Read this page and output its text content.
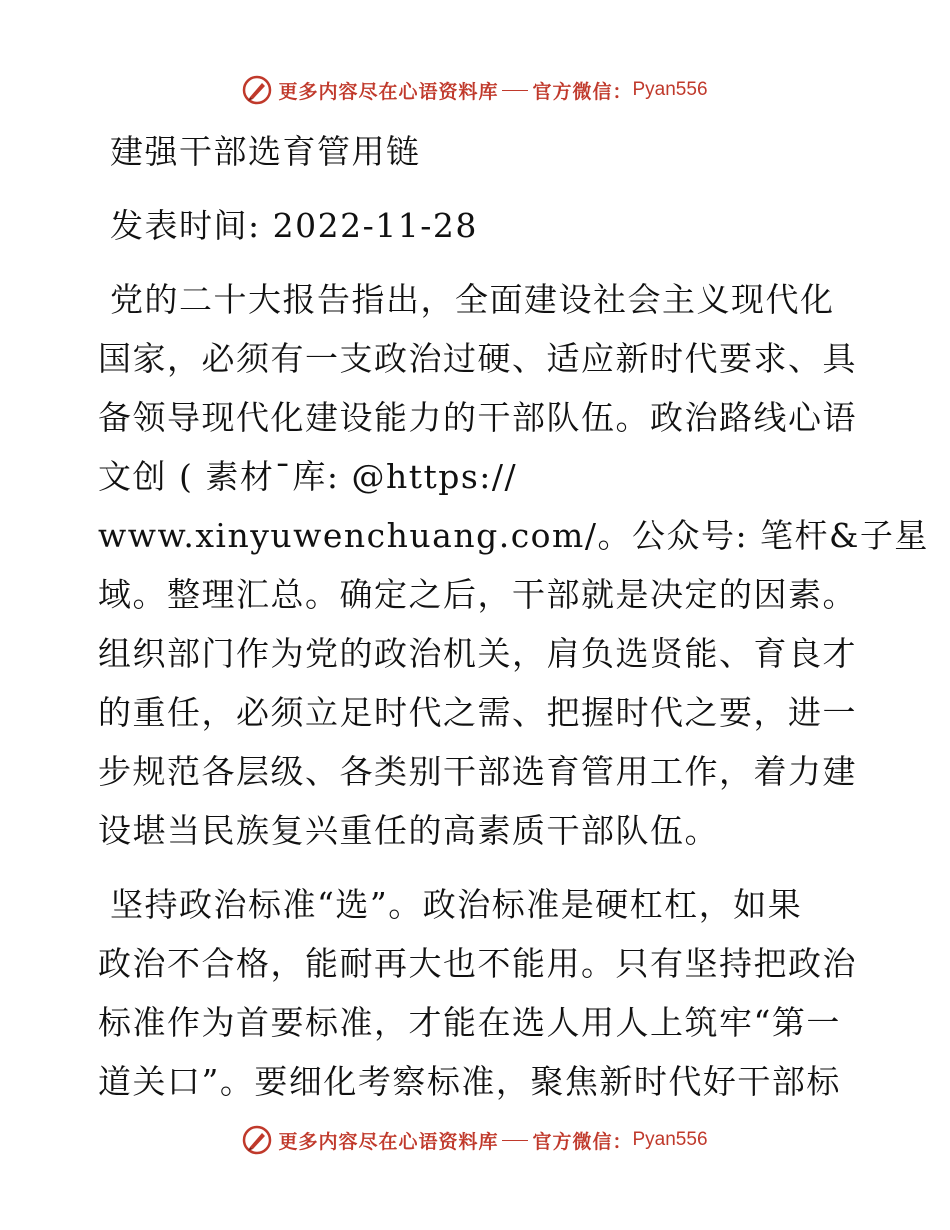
更多内容尽在心语资料库 官方微信： Pyan556
建强干部选育管用链
发表时间: 2022-11-28
党的二十大报告指出，全面建设社会主义现代化
国家，必须有一支政治过硬、适应新时代要求、具
备领导现代化建设能力的干部队伍。政治路线心语
文创 ( 素材¯库: @https://
www.xinyuwenchuang.com/。公众号: 笔杆&子星
域。整理汇总。确定之后，干部就是决定的因素。
组织部门作为党的政治机关，肩负选贤能、育良才
的重任，必须立足时代之需、把握时代之要，进一
步规范各层级、各类别干部选育管用工作，着力建
设堪当民族复兴重任的高素质干部队伍。
坚持政治标准“选”。政治标准是硬杠杠，如果
政治不合格，能耐再大也不能用。只有坚持把政治
标准作为首要标准，才能在选人用人上筑牢“第一
道关口”。要细化考察标准，聚焦新时代好干部标
更多内容尽在心语资料库 官方微信： Pyan556
